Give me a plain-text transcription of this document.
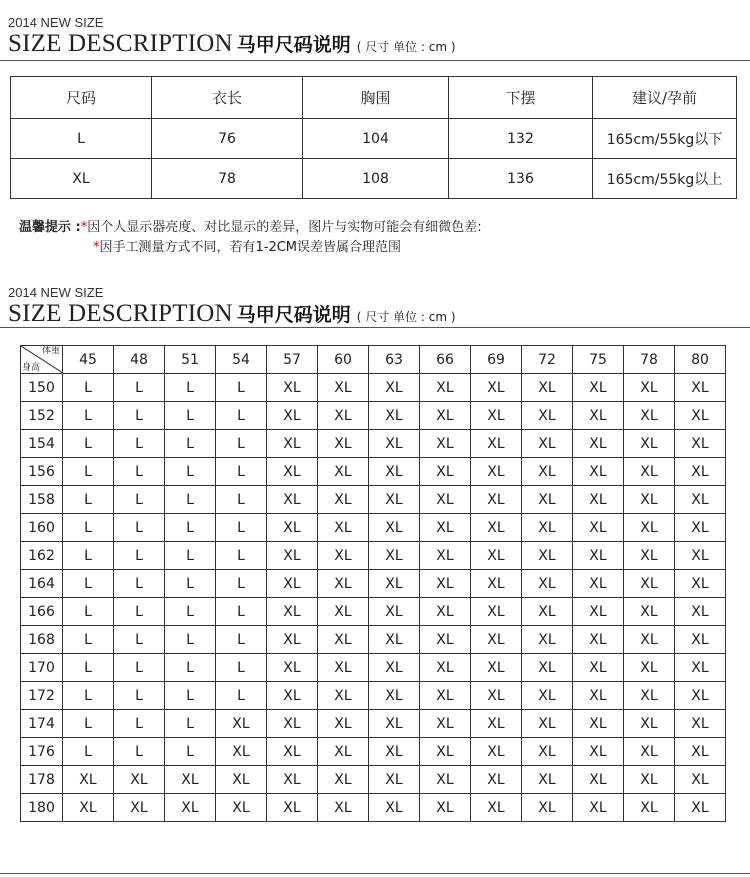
2014 NEW SIZE
SIZE DESCRIPTION 马甲尺码说明 ( 尺寸 单位 : cm )
尺码	衣长	胸围	下摆	建议/孕前
L	76	104	132	165cm/55kg以下
XL	78	108	136	165cm/55kg以上
温馨提示 :*因个人显示器亮度、对比显示的差异，图片与实物可能会有细微色差:
*因手工测量方式不同，若有1-2CM误差皆属合理范围
2014 NEW SIZE
SIZE DESCRIPTION 马甲尺码说明 ( 尺寸 单位 : cm )
体重
身高	45	48	51	54	57	60	63	66	69	72	75	78	80
150	L	L	L	L	XL	XL	XL	XL	XL	XL	XL	XL	XL
152	L	L	L	L	XL	XL	XL	XL	XL	XL	XL	XL	XL
154	L	L	L	L	XL	XL	XL	XL	XL	XL	XL	XL	XL
156	L	L	L	L	XL	XL	XL	XL	XL	XL	XL	XL	XL
158	L	L	L	L	XL	XL	XL	XL	XL	XL	XL	XL	XL
160	L	L	L	L	XL	XL	XL	XL	XL	XL	XL	XL	XL
162	L	L	L	L	XL	XL	XL	XL	XL	XL	XL	XL	XL
164	L	L	L	L	XL	XL	XL	XL	XL	XL	XL	XL	XL
166	L	L	L	L	XL	XL	XL	XL	XL	XL	XL	XL	XL
168	L	L	L	L	XL	XL	XL	XL	XL	XL	XL	XL	XL
170	L	L	L	L	XL	XL	XL	XL	XL	XL	XL	XL	XL
172	L	L	L	L	XL	XL	XL	XL	XL	XL	XL	XL	XL
174	L	L	L	XL	XL	XL	XL	XL	XL	XL	XL	XL	XL
176	L	L	L	XL	XL	XL	XL	XL	XL	XL	XL	XL	XL
178	XL	XL	XL	XL	XL	XL	XL	XL	XL	XL	XL	XL	XL
180	XL	XL	XL	XL	XL	XL	XL	XL	XL	XL	XL	XL	XL
